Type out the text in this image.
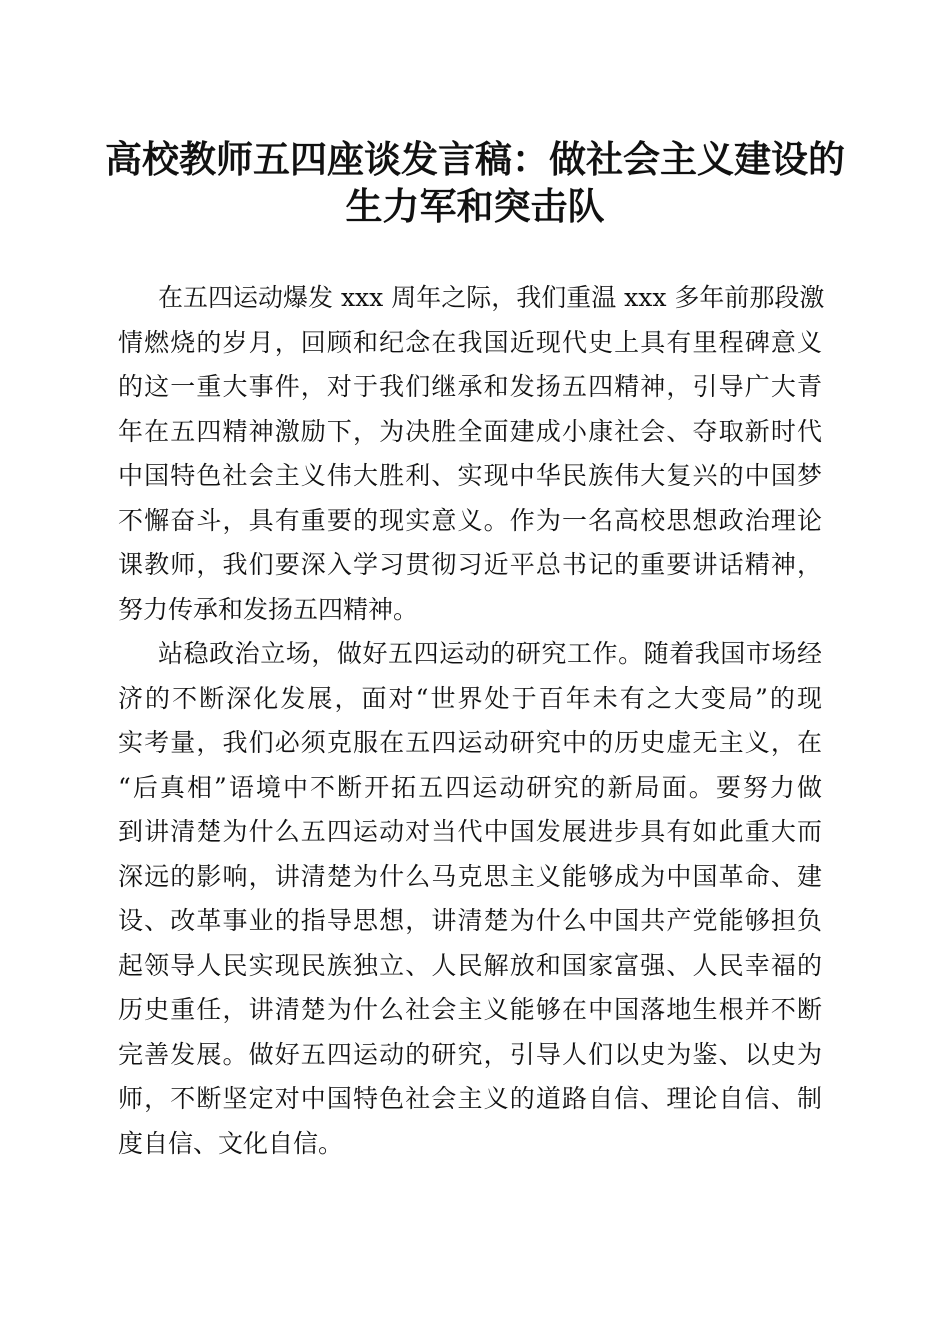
高校教师五四座谈发言稿：做社会主义建设的
生力军和突击队
在五四运动爆发 xxx 周年之际，我们重温 xxx 多年前那段激
情燃烧的岁月，回顾和纪念在我国近现代史上具有里程碑意义
的这一重大事件，对于我们继承和发扬五四精神，引导广大青
年在五四精神激励下，为决胜全面建成小康社会、夺取新时代
中国特色社会主义伟大胜利、实现中华民族伟大复兴的中国梦
不懈奋斗，具有重要的现实意义。作为一名高校思想政治理论
课教师，我们要深入学习贯彻习近平总书记的重要讲话精神，
努力传承和发扬五四精神。
站稳政治立场，做好五四运动的研究工作。随着我国市场经
济的不断深化发展，面对“世界处于百年未有之大变局”的现
实考量，我们必须克服在五四运动研究中的历史虚无主义，在
“后真相”语境中不断开拓五四运动研究的新局面。要努力做
到讲清楚为什么五四运动对当代中国发展进步具有如此重大而
深远的影响，讲清楚为什么马克思主义能够成为中国革命、建
设、改革事业的指导思想，讲清楚为什么中国共产党能够担负
起领导人民实现民族独立、人民解放和国家富强、人民幸福的
历史重任，讲清楚为什么社会主义能够在中国落地生根并不断
完善发展。做好五四运动的研究，引导人们以史为鉴、以史为
师，不断坚定对中国特色社会主义的道路自信、理论自信、制
度自信、文化自信。
